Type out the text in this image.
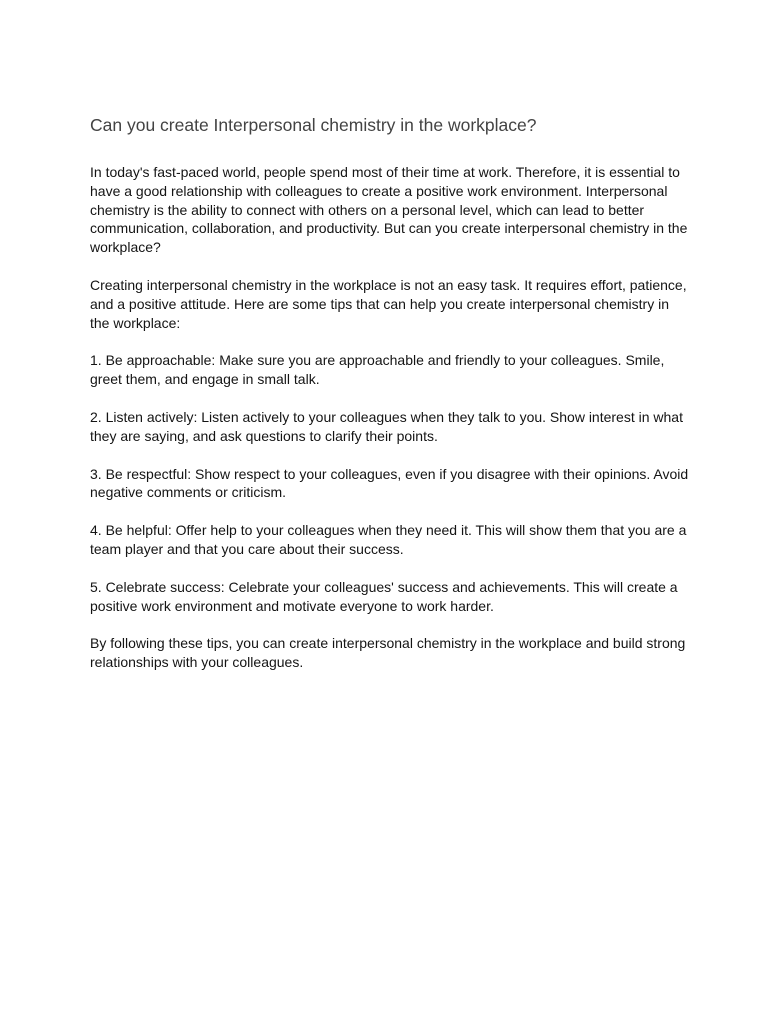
Can you create Interpersonal chemistry in the workplace?

In today's fast-paced world, people spend most of their time at work. Therefore, it is essential to have a good relationship with colleagues to create a positive work environment. Interpersonal chemistry is the ability to connect with others on a personal level, which can lead to better communication, collaboration, and productivity. But can you create interpersonal chemistry in the workplace?

Creating interpersonal chemistry in the workplace is not an easy task. It requires effort, patience, and a positive attitude. Here are some tips that can help you create interpersonal chemistry in the workplace:

1. Be approachable: Make sure you are approachable and friendly to your colleagues. Smile, greet them, and engage in small talk.

2. Listen actively: Listen actively to your colleagues when they talk to you. Show interest in what they are saying, and ask questions to clarify their points.

3. Be respectful: Show respect to your colleagues, even if you disagree with their opinions. Avoid negative comments or criticism.

4. Be helpful: Offer help to your colleagues when they need it. This will show them that you are a team player and that you care about their success.

5. Celebrate success: Celebrate your colleagues' success and achievements. This will create a positive work environment and motivate everyone to work harder.

By following these tips, you can create interpersonal chemistry in the workplace and build strong relationships with your colleagues.
